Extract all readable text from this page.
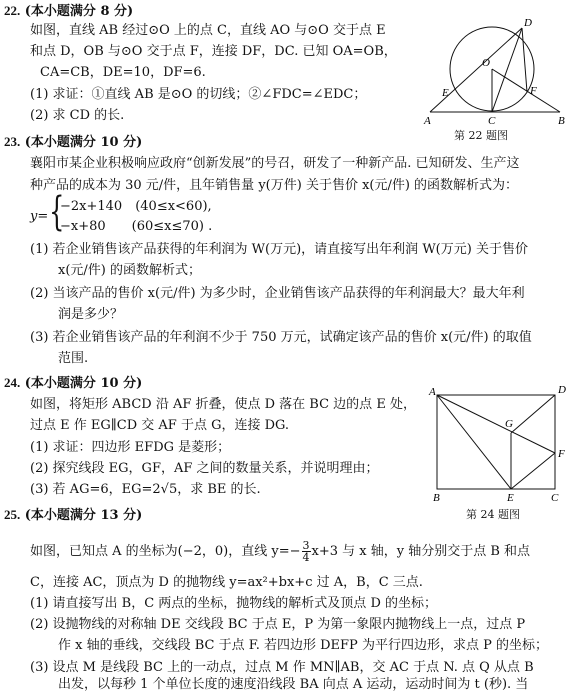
22. (本小题满分 8 分)
如图，直线 AB 经过⊙O 上的点 C，直线 AO 与⊙O 交于点 E
和点 D，OB 与⊙O 交于点 F，连接 DF，DC. 已知 OA=OB，
CA=CB，DE=10，DF=6.
(1) 求证：①直线 AB 是⊙O 的切线；②∠FDC=∠EDC；
(2) 求 CD 的长.
D
O
E	F
A	C	B
第 22 题图
23. (本小题满分 10 分)
襄阳市某企业积极响应政府“创新发展”的号召，研发了一种新产品. 已知研发、生产这
种产品的成本为 30 元/件，且年销售量 y(万件) 关于售价 x(元/件) 的函数解析式为：
y= {
−2x+140　(40≤x<60),
−x+80　　(60≤x≤70) .
(1) 若企业销售该产品获得的年利润为 W(万元)，请直接写出年利润 W(万元) 关于售价
x(元/件) 的函数解析式；
(2) 当该产品的售价 x(元/件) 为多少时，企业销售该产品获得的年利润最大？最大年利
润是多少？
(3) 若企业销售该产品的年利润不少于 750 万元，试确定该产品的售价 x(元/件) 的取值
范围.
24. (本小题满分 10 分)
如图，将矩形 ABCD 沿 AF 折叠，使点 D 落在 BC 边的点 E 处，
过点 E 作 EG∥CD 交 AF 于点 G，连接 DG.
(1) 求证：四边形 EFDG 是菱形；
(2) 探究线段 EG，GF，AF 之间的数量关系，并说明理由；
(3) 若 AG=6，EG=2√5，求 BE 的长.
A	D
G
F
B	E	C
第 24 题图
25. (本小题满分 13 分)
如图，已知点 A 的坐标为(−2，0)，直线 $y=- \frac{3}{4} x+3$ 与 x 轴，y 轴分别交于点 B 和点
C，连接 AC，顶点为 D 的抛物线 y=ax²+bx+c 过 A，B，C 三点.
(1) 请直接写出 B，C 两点的坐标，抛物线的解析式及顶点 D 的坐标；
(2) 设抛物线的对称轴 DE 交线段 BC 于点 E，P 为第一象限内抛物线上一点，过点 P
作 x 轴的垂线，交线段 BC 于点 F. 若四边形 DEFP 为平行四边形，求点 P 的坐标；
(3) 设点 M 是线段 BC 上的一动点，过点 M 作 MN∥AB，交 AC 于点 N. 点 Q 从点 B
出发，以每秒 1 个单位长度的速度沿线段 BA 向点 A 运动，运动时间为 t (秒). 当
